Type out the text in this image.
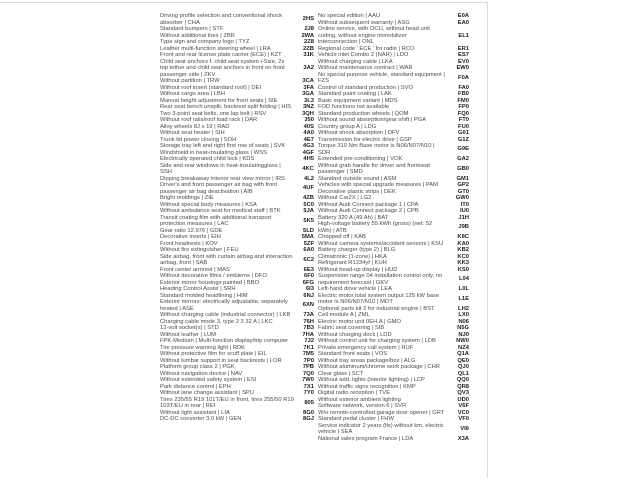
Driving profile selection and conventional shock absorber | CHA
2HS
Standard bumpers | STF	2J8
Without additional tires | ZBR	2WA
Type sign and company logo | TYZ	2Z8
Leather multi-function steering wheel | LRA	2ZB
Front and rear license plate carrier (ECE) | KZT	31K
Child seat anchors f. child seat system i-Size, 2x top tether and child seat anchors in front on front passenger side | ZKV
3A2
Without partition | TRW	3CA
Without roof insert (standard roof) | DEI	3FA
Without cargo area | LBH	3GA
Manual height adjustment for front seats | SIE	3L3
Rear seat bench unsplit, backrest split folding | HIS	3NZ
Two 3-point seat belts, one lap belt | RSV	3QH
Without roof rails/roof load rack | DAR	350
Alloy wheels 8J x 19 | RAD	40S
Without seat heater | SIH	4A0
Trunk lid power closing | SOH	4E7
Storage tray left and right first row of seats | SVK	4G3
Windshield in heat-insulating glass | WSS	4GF
Electrically operated child lock | KDS	4H5
Side and rear windows in heat-insulatingglass | SSH
4KC
Dipping breakaway interior rear view mirror | IRS	4L2
Driver's and front passenger air bag with front passenger air bag deactivation | AIB
4UF
Bright moldings | ZIE	4ZB
Without special body measures | KSA	5C0
Without ambulance seat for medical staff | BTK	5JA
Transit coating film with additional transport protection measures | LAC
5K5
Gear ratio 12.976 | GDE	5LD
Decorative inserts | EIH	5MA
Front headrests | KOV	5ZF
Without fire extinguisher | FEU	6A0
Side airbag, front with curtain airbag and interaction airbag, front | SAB
6C2
Front center armrest | MAS	6E3
Without decorative films / emblems | DFO	6F0
Exterior mirror housings painted | BBO	6FG
Heading Control Assist | SRH	6I3
Standard molded headlining | HIM	6NJ
Exterior mirrors: electrically adjustable, separately heated | ASE
6XN
Without charging cable (industrial connector) | LKB	73A
Charging cable mode 3, type 2 3 32 A | LKC	76H
12-volt socket(s) | STD	7B3
Without leather | LUM	7HA
FPK-Medium | Multi-function display/trip computer	7J2
Tire pressure warning light | RDK	7K1
Without protective film for scuff plate | EIL	7M5
Without lumbar support in seat backrests | LOR	7P0
Platform group class 2 | PGK	7PB
Without navigation device | NAV	7Q0
Without extended safety system | ESI	7W0
Park distance control | EPH	7X1
Without lane change assistant | SPU	7Y0
Tires 235/55 R19 101T/EU in front, tires 255/50 R19 103T/EU in rear | REI
805
Without light assistant | LIA	8G0
DC-DC converter 3.0 kW | GEN	8GJ
No special edition | AAU	E0A
Without subsequent warranty | ASG	EA0
Online service, with OCU, without head unit coding, without engine immobilizer interconnection | ONL
EL1
Regional code ' ECE ' for radio | RCO	ER1
Vehicle inlet Combo 2 (NAR) | LDO	ES7
Without charging cable | LKA	EV0
Without maintenance contract | WAR	EW0
No special purpose vehicle, standard equipment | FZS
F0A
Control of standard production | SVO	FA0
Standard paint coating | LAK	FB0
Basic equipment variant | MDS	FM0
FOD functions not available	FP0
Standard production wheels | QOM	FQ0
Without sound absorption/gear shift | PGA	FT0
Country group A | LDG	FU0
Without shock absorption | DFV	G01
Transmission for electric drive | GSP	G1Z
Torque 310 Nm Base motor is N06/N07/N10 | SDR
G9E
Extended pre-conditioning | VOK	GA2
Without grab handle for driver and frontseat passenger | SMD
GB0
Standard outside sound | ASM	GM1
Vehicles with special upgrade measures | PAM	GP2
Decorative plastic strips | DEK	GT0
Without Car2X | LG2	GW0
Without Audi Connect package 1 | CPA	IT0
Without Audi Connect package 2 | CPB	IU0
Battery 320 A (49 Ah) | BAT	J1H
High-voltage battery 55 kWh (gross) (net: 52 kWh) | ATB
J9B
Chopped off | KAB	K8C
Without camera systems/accident sensors | KSU	KA0
Battery charger (type 2) | BLG	KB2
Climatronic (1-zone) | HKA	KC0
Refrigerant R1234yf | KUH	KK3
Without head-up display | HUD	KS0
Suspension range 04 installation control only, no requirement forecast | GKV
L04
Left-hand drive vehicle | LEA	L0L
Electric motor total system output 125 kW base motor is N06/N07/N10 | MOT
L1E
Optional parts kit 2 for industrial engine | BST	LH2
Cell module A | ZML	LX0
Electric motor unit 0EH.A | GMO	N06
Fabric seat covering | SIB	N5G
Without charging dock | LDD	NJ0
Without control unit for charging system | LDB	NW0
Private emergency call system | RUF	NZ4
Standard front seats | VOS	Q1A
Without tray areas package/box | ALG	QE0
Without aluminum/chrome work package | CHR	QJ0
Clear glass | SCT	QL1
Without add. lights (interior lighting) | LCP	QQ0
Without traffic signs recognition | KMP	QR8
Digital radio reception | TVE	QV3
Without exterior ambient lighting	UD0
Software network, version 6 | SVR	V6F
W/o remote-controlled garage door opener | GRT	VC0
Standard pedal cluster | FHW	VF0
Service indicator 2 years (fix) without km, electric vehicle | SEA
VI6
National sales program France | LDA	X3A
